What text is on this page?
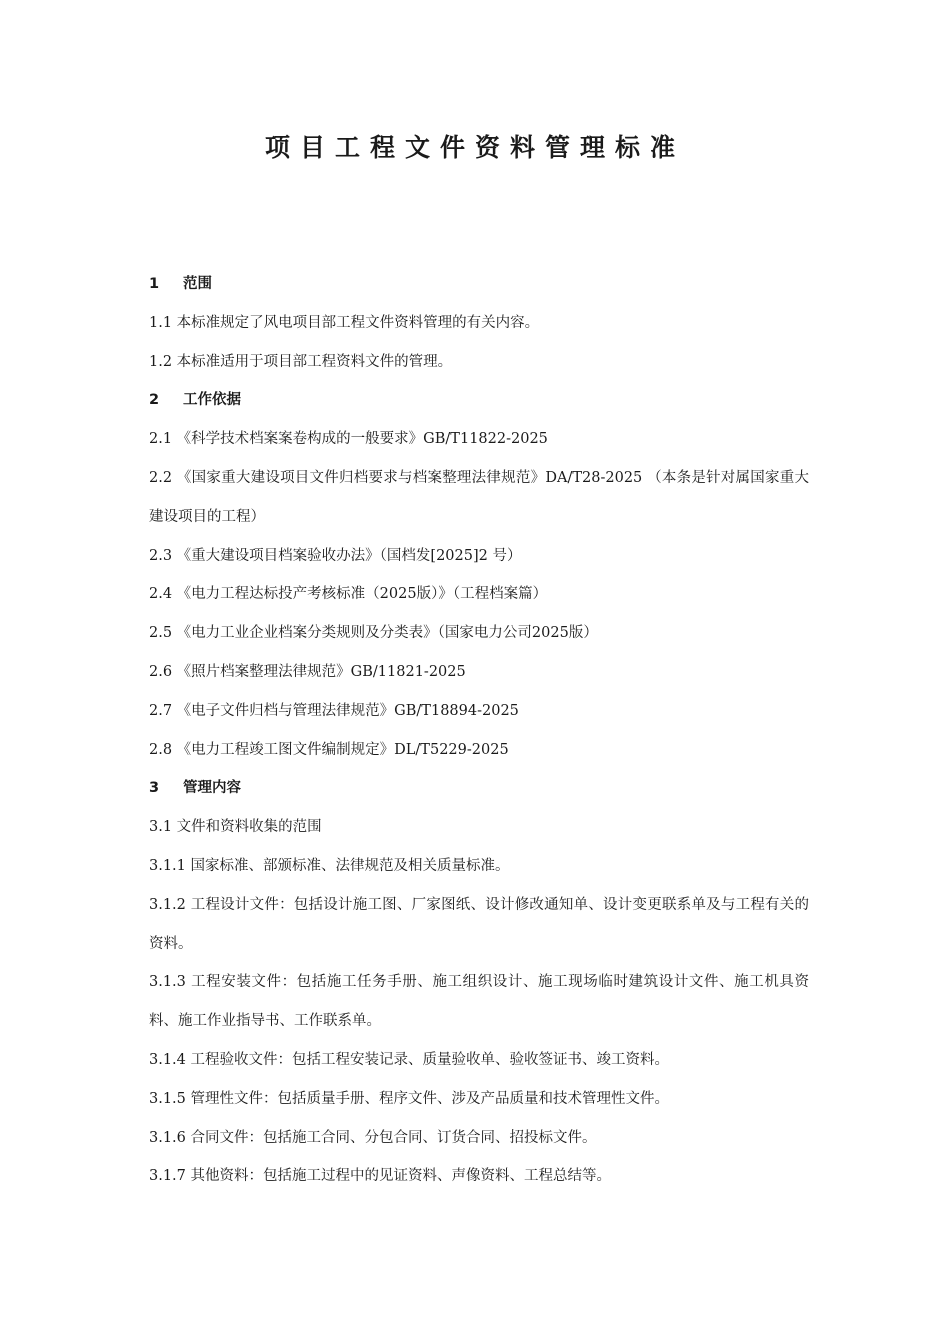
项目工程文件资料管理标准

1 范围

1.1 本标准规定了风电项目部工程文件资料管理的有关内容。

1.2 本标准适用于项目部工程资料文件的管理。

2 工作依据

2.1 《科学技术档案案卷构成的一般要求》GB/T11822-2025

2.2 《国家重大建设项目文件归档要求与档案整理法律规范》DA/T28-2025 （本条是针对属国家重大建设项目的工程）

2.3 《重大建设项目档案验收办法》（国档发[2025]2 号）

2.4 《电力工程达标投产考核标准（2025版）》（工程档案篇）

2.5 《电力工业企业档案分类规则及分类表》（国家电力公司2025版）

2.6 《照片档案整理法律规范》GB/11821-2025

2.7 《电子文件归档与管理法律规范》GB/T18894-2025

2.8 《电力工程竣工图文件编制规定》DL/T5229-2025

3 管理内容

3.1 文件和资料收集的范围

3.1.1 国家标准、部颁标准、法律规范及相关质量标准。

3.1.2 工程设计文件：包括设计施工图、厂家图纸、设计修改通知单、设计变更联系单及与工程有关的资料。

3.1.3 工程安装文件：包括施工任务手册、施工组织设计、施工现场临时建筑设计文件、施工机具资料、施工作业指导书、工作联系单。

3.1.4 工程验收文件：包括工程安装记录、质量验收单、验收签证书、竣工资料。

3.1.5 管理性文件：包括质量手册、程序文件、涉及产品质量和技术管理性文件。

3.1.6 合同文件：包括施工合同、分包合同、订货合同、招投标文件。

3.1.7 其他资料：包括施工过程中的见证资料、声像资料、工程总结等。
